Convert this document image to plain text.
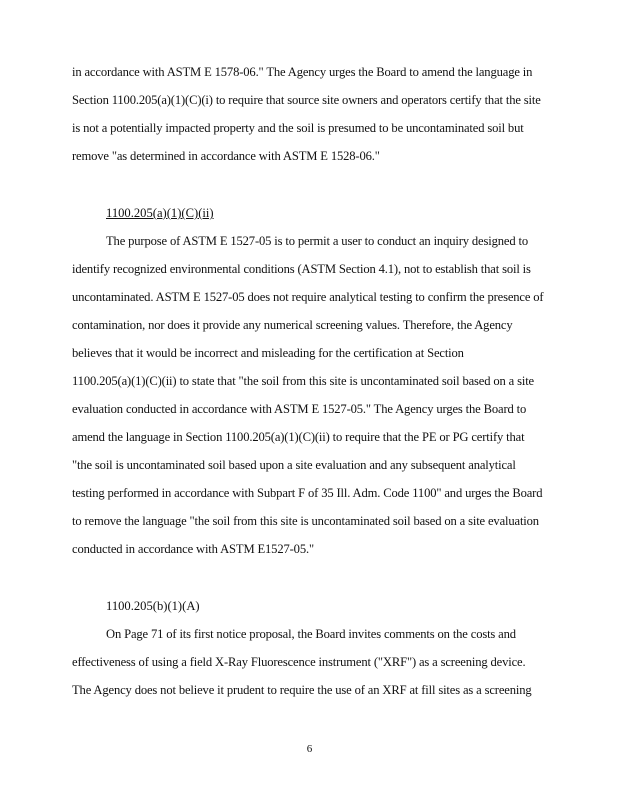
in accordance with ASTM E 1578-06." The Agency urges the Board to amend the language in
Section 1100.205(a)(1)(C)(i) to require that source site owners and operators certify that the site
is not a potentially impacted property and the soil is presumed to be uncontaminated soil but
remove "as determined in accordance with ASTM E 1528-06."
1100.205(a)(1)(C)(ii)
The purpose of ASTM E 1527-05 is to permit a user to conduct an inquiry designed to
identify recognized environmental conditions (ASTM Section 4.1), not to establish that soil is
uncontaminated. ASTM E 1527-05 does not require analytical testing to confirm the presence of
contamination, nor does it provide any numerical screening values. Therefore, the Agency
believes that it would be incorrect and misleading for the certification at Section
1100.205(a)(1)(C)(ii) to state that "the soil from this site is uncontaminated soil based on a site
evaluation conducted in accordance with ASTM E 1527-05." The Agency urges the Board to
amend the language in Section 1100.205(a)(1)(C)(ii) to require that the PE or PG certify that
"the soil is uncontaminated soil based upon a site evaluation and any subsequent analytical
testing performed in accordance with Subpart F of 35 Ill. Adm. Code 1100" and urges the Board
to remove the language "the soil from this site is uncontaminated soil based on a site evaluation
conducted in accordance with ASTM E1527-05."
1100.205(b)(1)(A)
On Page 71 of its first notice proposal, the Board invites comments on the costs and
effectiveness of using a field X-Ray Fluorescence instrument ("XRF") as a screening device.
The Agency does not believe it prudent to require the use of an XRF at fill sites as a screening
6
